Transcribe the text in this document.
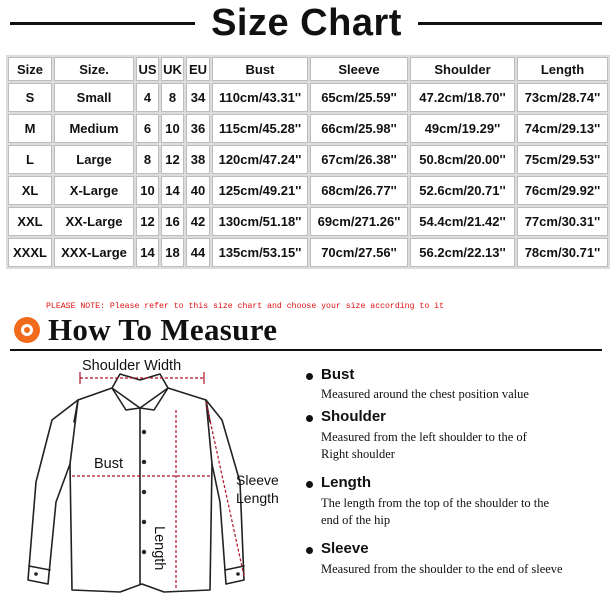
Size Chart
Size	Size.	US	UK	EU	Bust	Sleeve	Shoulder	Length
S	Small	4	8	34	110cm/43.31''	65cm/25.59''	47.2cm/18.70''	73cm/28.74''
M	Medium	6	10	36	115cm/45.28''	66cm/25.98''	49cm/19.29''	74cm/29.13''
L	Large	8	12	38	120cm/47.24''	67cm/26.38''	50.8cm/20.00''	75cm/29.53''
XL	X-Large	10	14	40	125cm/49.21''	68cm/26.77''	52.6cm/20.71''	76cm/29.92''
XXL	XX-Large	12	16	42	130cm/51.18''	69cm/271.26''	54.4cm/21.42''	77cm/30.31''
XXXL	XXX-Large	14	18	44	135cm/53.15''	70cm/27.56''	56.2cm/22.13''	78cm/30.71''
PLEASE NOTE: Please refer to this size chart and choose your size according to it
How To Measure
Shoulder Width
Bust
Sleeve Length
Length
Bust
Measured around the chest position value
Shoulder
Measured from the left shoulder to the of Right shoulder
Length
The length from the top of the shoulder to the end of the hip
Sleeve
Measured from the shoulder to the end of sleeve
